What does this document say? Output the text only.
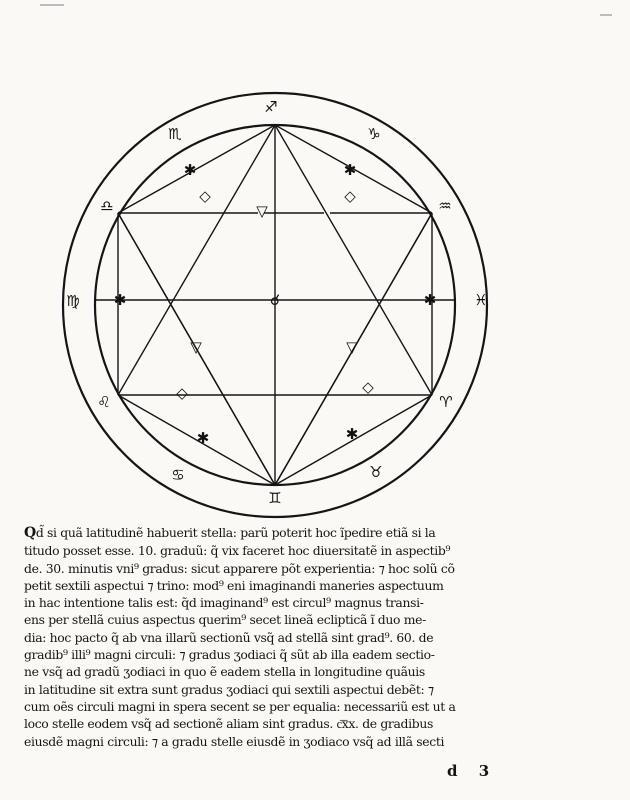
✱	✱
◇	◇
▽
✱	✱
▽	▽
◇	◇
✱	✱
☌
♐
♏	♑
♎	♒
♍	♓
♌	♈
♋	♉
♊
Qd̃ si quã latitudinẽ habuerit stella: parũ poterit hoc ĩpedire etiã si la
titudo posset esse. 10. graduũ: q̃ vix faceret hoc diuersitatẽ in aspectib⁹
de. 30. minutis vni⁹ gradus: sicut apparere põt experientia: ⁊ hoc solũ cõ
petit sextili aspectui ⁊ trino: mod⁹ eni imaginandi maneries aspectuum
in hac intentione talis est: q̃d imaginand⁹ est circul⁹ magnus transi-
ens per stellã cuius aspectus querim⁹ secet lineã eclipticã ĩ duo me-
dia: hoc pacto q̃ ab vna illarũ sectionũ vsq̃ ad stellã sint grad⁹. 60. de
gradib⁹ illi⁹ magni circuli: ⁊ gradus ʒodiaci q̃ sũt ab illa eadem sectio-
ne vsq̃ ad gradũ ʒodiaci in quo ẽ eadem stella in longitudine quãuis
in latitudine sit extra sunt gradus ʒodiaci qui sextili aspectui debẽt: ⁊
cum oẽs circuli magni in spera secent se per equalia: necessariũ est ut a
loco stelle eodem vsq̃ ad sectionẽ aliam sint gradus. c͞xx. de gradibus
eiusdẽ magni circuli: ⁊ a gradu stelle eiusdẽ in ʒodiaco vsq̃ ad illã secti
d 3
